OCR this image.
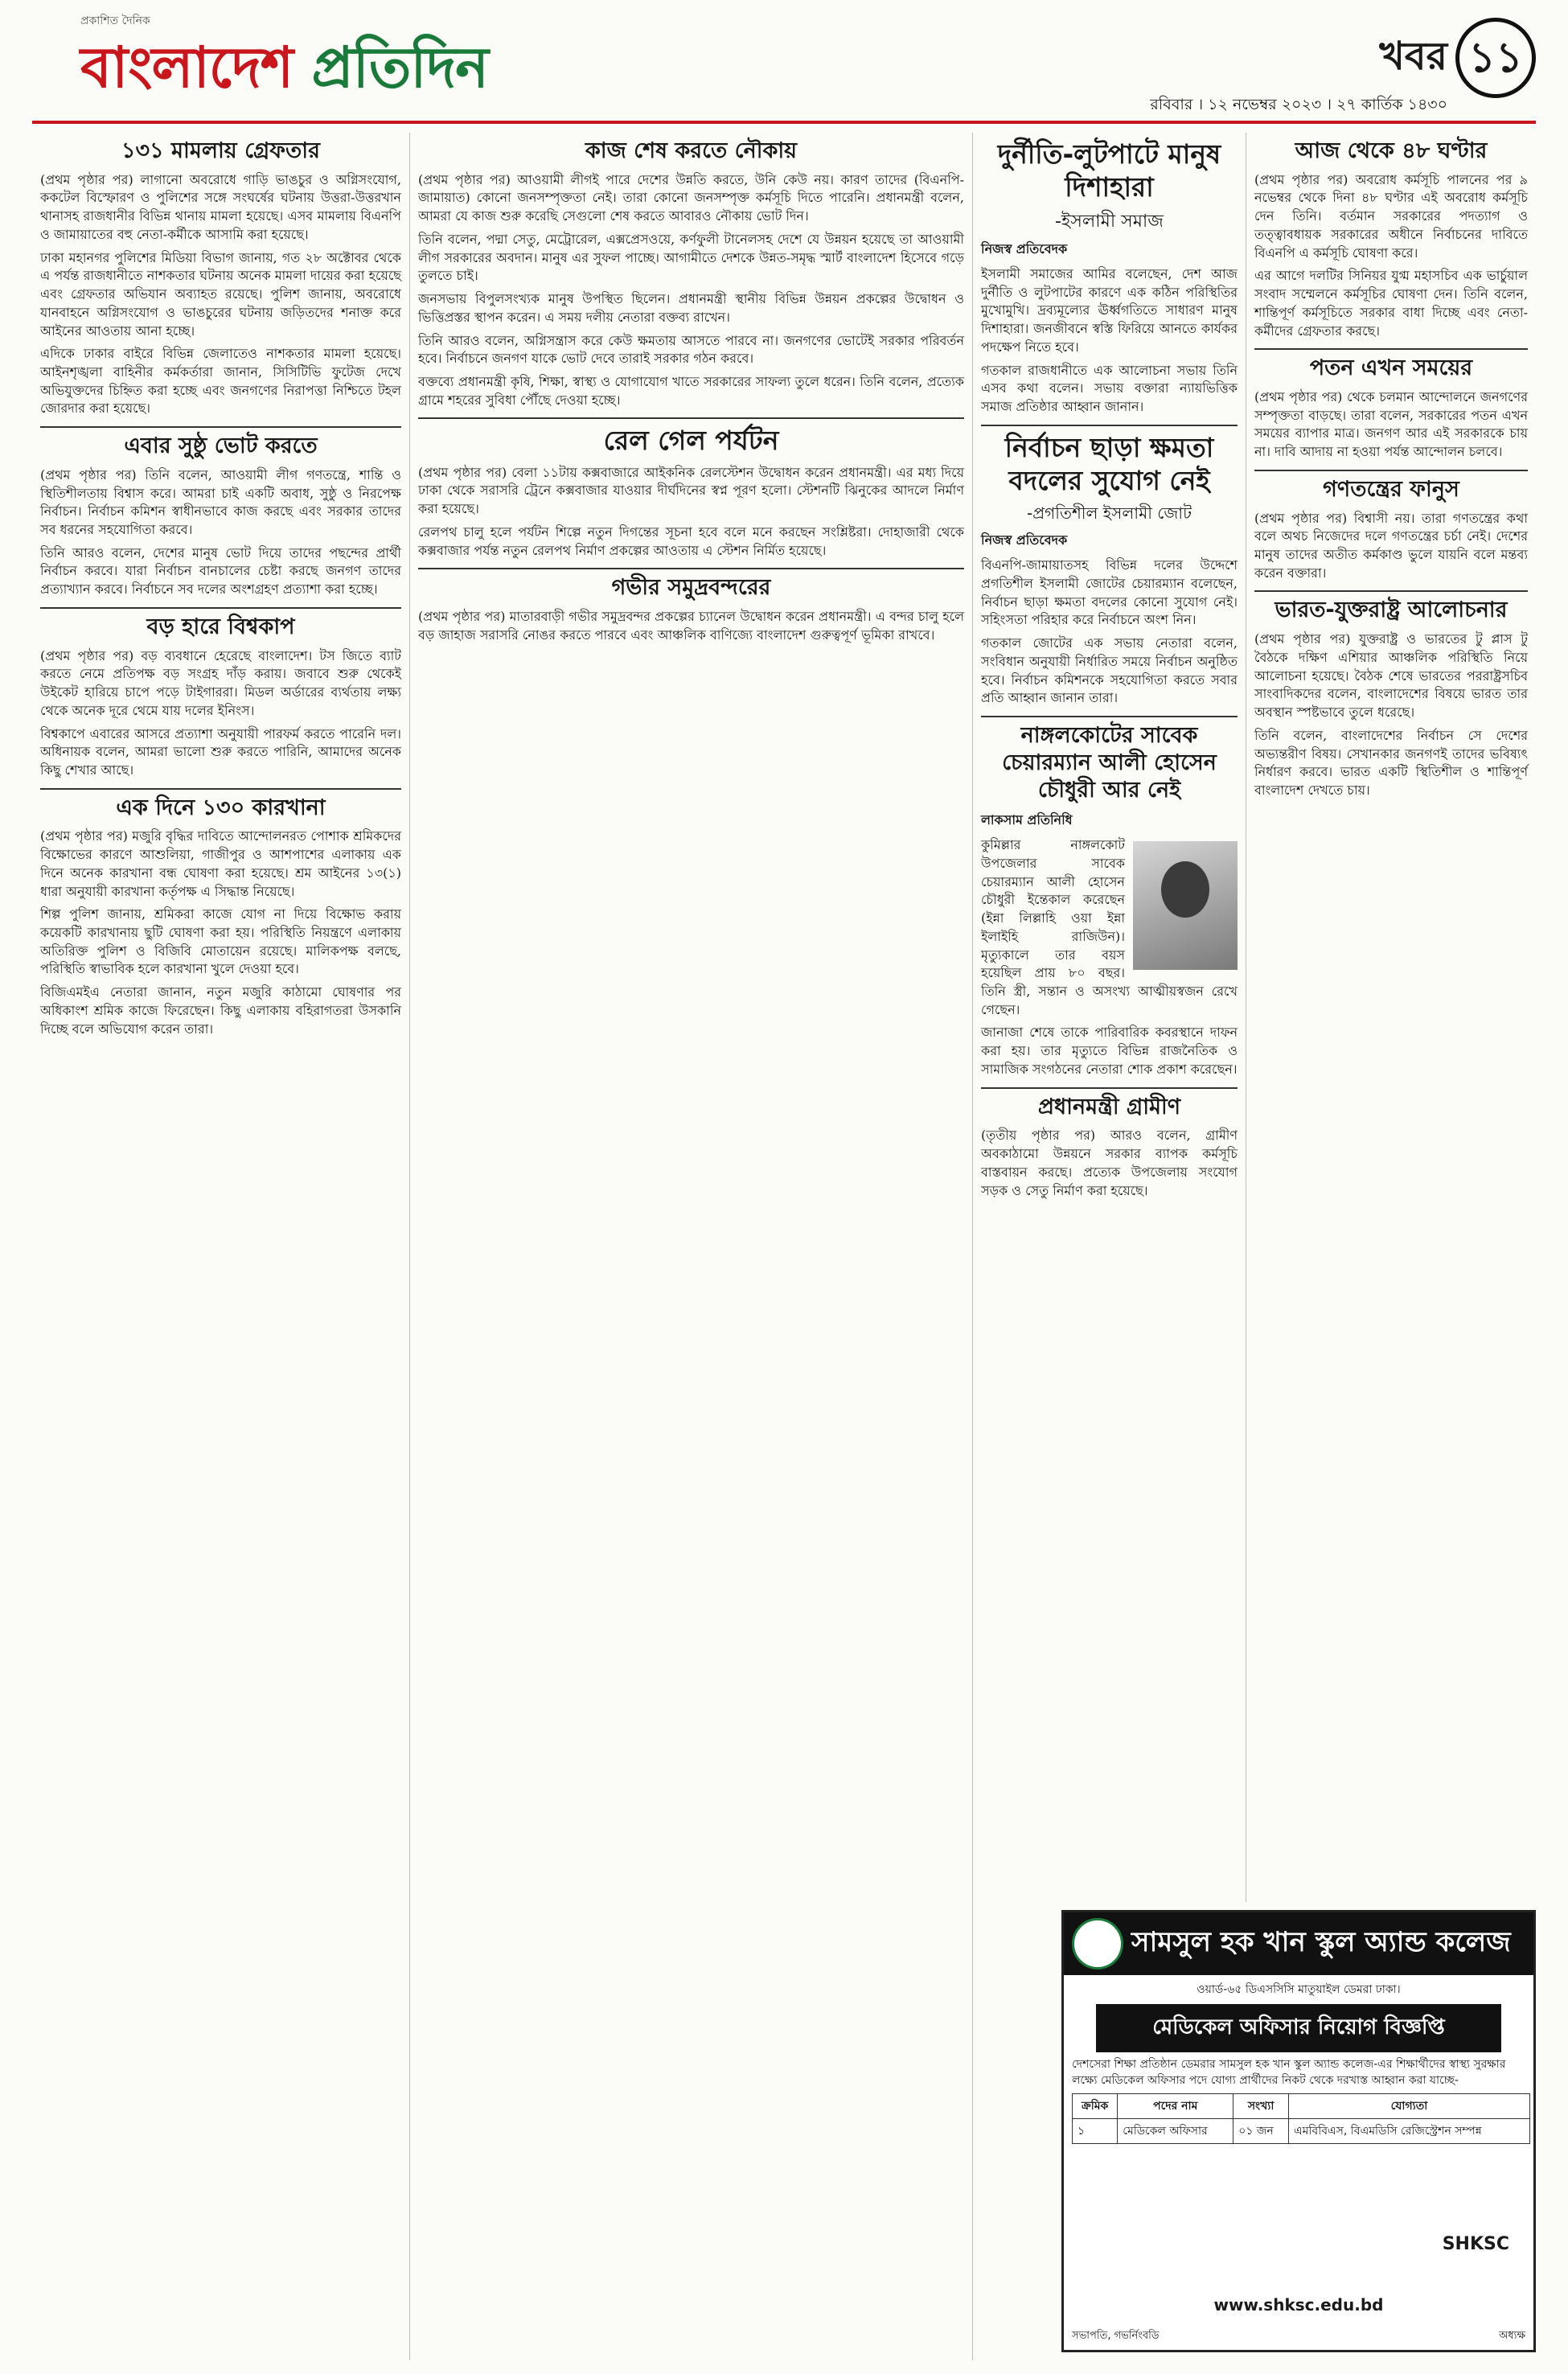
প্রকাশিত দৈনিক
বাংলাদেশ প্রতিদিন	খবর ১১
রবিবার । ১২ নভেম্বর ২০২৩ । ২৭ কার্তিক ১৪৩০
১৩১ মামলায় গ্রেফতার

(প্রথম পৃষ্ঠার পর) লাগানো অবরোধে গাড়ি ভাঙচুর ও অগ্নিসংযোগ, ককটেল বিস্ফোরণ ও পুলিশের সঙ্গে সংঘর্ষের ঘটনায় উত্তরা-উত্তরখান থানাসহ রাজধানীর বিভিন্ন থানায় মামলা হয়েছে। এসব মামলায় বিএনপি ও জামায়াতের বহু নেতা-কর্মীকে আসামি করা হয়েছে।

ঢাকা মহানগর পুলিশের মিডিয়া বিভাগ জানায়, গত ২৮ অক্টোবর থেকে এ পর্যন্ত রাজধানীতে নাশকতার ঘটনায় অনেক মামলা দায়ের করা হয়েছে এবং গ্রেফতার অভিযান অব্যাহত রয়েছে। পুলিশ জানায়, অবরোধে যানবাহনে অগ্নিসংযোগ ও ভাঙচুরের ঘটনায় জড়িতদের শনাক্ত করে আইনের আওতায় আনা হচ্ছে।

এদিকে ঢাকার বাইরে বিভিন্ন জেলাতেও নাশকতার মামলা হয়েছে। আইনশৃঙ্খলা বাহিনীর কর্মকর্তারা জানান, সিসিটিভি ফুটেজ দেখে অভিযুক্তদের চিহ্নিত করা হচ্ছে এবং জনগণের নিরাপত্তা নিশ্চিতে টহল জোরদার করা হয়েছে।

এবার সুষ্ঠু ভোট করতে

(প্রথম পৃষ্ঠার পর) তিনি বলেন, আওয়ামী লীগ গণতন্ত্রে, শান্তি ও স্থিতিশীলতায় বিশ্বাস করে। আমরা চাই একটি অবাধ, সুষ্ঠু ও নিরপেক্ষ নির্বাচন। নির্বাচন কমিশন স্বাধীনভাবে কাজ করছে এবং সরকার তাদের সব ধরনের সহযোগিতা করবে।

তিনি আরও বলেন, দেশের মানুষ ভোট দিয়ে তাদের পছন্দের প্রার্থী নির্বাচন করবে। যারা নির্বাচন বানচালের চেষ্টা করছে জনগণ তাদের প্রত্যাখ্যান করবে। নির্বাচনে সব দলের অংশগ্রহণ প্রত্যাশা করা হচ্ছে।

বড় হারে বিশ্বকাপ

(প্রথম পৃষ্ঠার পর) বড় ব্যবধানে হেরেছে বাংলাদেশ। টস জিতে ব্যাট করতে নেমে প্রতিপক্ষ বড় সংগ্রহ দাঁড় করায়। জবাবে শুরু থেকেই উইকেট হারিয়ে চাপে পড়ে টাইগাররা। মিডল অর্ডারের ব্যর্থতায় লক্ষ্য থেকে অনেক দূরে থেমে যায় দলের ইনিংস।

বিশ্বকাপে এবারের আসরে প্রত্যাশা অনুযায়ী পারফর্ম করতে পারেনি দল। অধিনায়ক বলেন, আমরা ভালো শুরু করতে পারিনি, আমাদের অনেক কিছু শেখার আছে।

এক দিনে ১৩০ কারখানা

(প্রথম পৃষ্ঠার পর) মজুরি বৃদ্ধির দাবিতে আন্দোলনরত পোশাক শ্রমিকদের বিক্ষোভের কারণে আশুলিয়া, গাজীপুর ও আশপাশের এলাকায় এক দিনে অনেক কারখানা বন্ধ ঘোষণা করা হয়েছে। শ্রম আইনের ১৩(১) ধারা অনুযায়ী কারখানা কর্তৃপক্ষ এ সিদ্ধান্ত নিয়েছে।

শিল্প পুলিশ জানায়, শ্রমিকরা কাজে যোগ না দিয়ে বিক্ষোভ করায় কয়েকটি কারখানায় ছুটি ঘোষণা করা হয়। পরিস্থিতি নিয়ন্ত্রণে এলাকায় অতিরিক্ত পুলিশ ও বিজিবি মোতায়েন রয়েছে। মালিকপক্ষ বলছে, পরিস্থিতি স্বাভাবিক হলে কারখানা খুলে দেওয়া হবে।

বিজিএমইএ নেতারা জানান, নতুন মজুরি কাঠামো ঘোষণার পর অধিকাংশ শ্রমিক কাজে ফিরেছেন। কিছু এলাকায় বহিরাগতরা উসকানি দিচ্ছে বলে অভিযোগ করেন তারা।

কাজ শেষ করতে নৌকায়

(প্রথম পৃষ্ঠার পর) আওয়ামী লীগই পারে দেশের উন্নতি করতে, উনি কেউ নয়। কারণ তাদের (বিএনপি-জামায়াত) কোনো জনসম্পৃক্ততা নেই। তারা কোনো জনসম্পৃক্ত কর্মসূচি দিতে পারেনি। প্রধানমন্ত্রী বলেন, আমরা যে কাজ শুরু করেছি সেগুলো শেষ করতে আবারও নৌকায় ভোট দিন।

তিনি বলেন, পদ্মা সেতু, মেট্রোরেল, এক্সপ্রেসওয়ে, কর্ণফুলী টানেলসহ দেশে যে উন্নয়ন হয়েছে তা আওয়ামী লীগ সরকারের অবদান। মানুষ এর সুফল পাচ্ছে। আগামীতে দেশকে উন্নত-সমৃদ্ধ স্মার্ট বাংলাদেশ হিসেবে গড়ে তুলতে চাই।

জনসভায় বিপুলসংখ্যক মানুষ উপস্থিত ছিলেন। প্রধানমন্ত্রী স্থানীয় বিভিন্ন উন্নয়ন প্রকল্পের উদ্বোধন ও ভিত্তিপ্রস্তর স্থাপন করেন। এ সময় দলীয় নেতারা বক্তব্য রাখেন।

তিনি আরও বলেন, অগ্নিসন্ত্রাস করে কেউ ক্ষমতায় আসতে পারবে না। জনগণের ভোটেই সরকার পরিবর্তন হবে। নির্বাচনে জনগণ যাকে ভোট দেবে তারাই সরকার গঠন করবে।

বক্তব্যে প্রধানমন্ত্রী কৃষি, শিক্ষা, স্বাস্থ্য ও যোগাযোগ খাতে সরকারের সাফল্য তুলে ধরেন। তিনি বলেন, প্রত্যেক গ্রামে শহরের সুবিধা পৌঁছে দেওয়া হচ্ছে।

রেল গেল পর্যটন

(প্রথম পৃষ্ঠার পর) বেলা ১১টায় কক্সবাজারে আইকনিক রেলস্টেশন উদ্বোধন করেন প্রধানমন্ত্রী। এর মধ্য দিয়ে ঢাকা থেকে সরাসরি ট্রেনে কক্সবাজার যাওয়ার দীর্ঘদিনের স্বপ্ন পূরণ হলো। স্টেশনটি ঝিনুকের আদলে নির্মাণ করা হয়েছে।

রেলপথ চালু হলে পর্যটন শিল্পে নতুন দিগন্তের সূচনা হবে বলে মনে করছেন সংশ্লিষ্টরা। দোহাজারী থেকে কক্সবাজার পর্যন্ত নতুন রেলপথ নির্মাণ প্রকল্পের আওতায় এ স্টেশন নির্মিত হয়েছে।

গভীর সমুদ্রবন্দরের

(প্রথম পৃষ্ঠার পর) মাতারবাড়ী গভীর সমুদ্রবন্দর প্রকল্পের চ্যানেল উদ্বোধন করেন প্রধানমন্ত্রী। এ বন্দর চালু হলে বড় জাহাজ সরাসরি নোঙর করতে পারবে এবং আঞ্চলিক বাণিজ্যে বাংলাদেশ গুরুত্বপূর্ণ ভূমিকা রাখবে।

দুর্নীতি-লুটপাটে মানুষ দিশাহারা
-ইসলামী সমাজ
নিজস্ব প্রতিবেদক

ইসলামী সমাজের আমির বলেছেন, দেশ আজ দুর্নীতি ও লুটপাটের কারণে এক কঠিন পরিস্থিতির মুখোমুখি। দ্রব্যমূল্যের ঊর্ধ্বগতিতে সাধারণ মানুষ দিশাহারা। জনজীবনে স্বস্তি ফিরিয়ে আনতে কার্যকর পদক্ষেপ নিতে হবে।

গতকাল রাজধানীতে এক আলোচনা সভায় তিনি এসব কথা বলেন। সভায় বক্তারা ন্যায়ভিত্তিক সমাজ প্রতিষ্ঠার আহ্বান জানান।

নির্বাচন ছাড়া ক্ষমতা বদলের সুযোগ নেই
-প্রগতিশীল ইসলামী জোট
নিজস্ব প্রতিবেদক

বিএনপি-জামায়াতসহ বিভিন্ন দলের উদ্দেশে প্রগতিশীল ইসলামী জোটের চেয়ারম্যান বলেছেন, নির্বাচন ছাড়া ক্ষমতা বদলের কোনো সুযোগ নেই। সহিংসতা পরিহার করে নির্বাচনে অংশ নিন।

গতকাল জোটের এক সভায় নেতারা বলেন, সংবিধান অনুযায়ী নির্ধারিত সময়ে নির্বাচন অনুষ্ঠিত হবে। নির্বাচন কমিশনকে সহযোগিতা করতে সবার প্রতি আহ্বান জানান তারা।

নাঙ্গলকোটের সাবেক চেয়ারম্যান আলী হোসেন চৌধুরী আর নেই
লাকসাম প্রতিনিধি

কুমিল্লার নাঙ্গলকোট উপজেলার সাবেক চেয়ারম্যান আলী হোসেন চৌধুরী ইন্তেকাল করেছেন (ইন্না লিল্লাহি ওয়া ইন্না ইলাইহি রাজিউন)। মৃত্যুকালে তার বয়স হয়েছিল প্রায় ৮০ বছর। তিনি স্ত্রী, সন্তান ও অসংখ্য আত্মীয়স্বজন রেখে গেছেন।

জানাজা শেষে তাকে পারিবারিক কবরস্থানে দাফন করা হয়। তার মৃত্যুতে বিভিন্ন রাজনৈতিক ও সামাজিক সংগঠনের নেতারা শোক প্রকাশ করেছেন।

প্রধানমন্ত্রী গ্রামীণ

(তৃতীয় পৃষ্ঠার পর) আরও বলেন, গ্রামীণ অবকাঠামো উন্নয়নে সরকার ব্যাপক কর্মসূচি বাস্তবায়ন করছে। প্রত্যেক উপজেলায় সংযোগ সড়ক ও সেতু নির্মাণ করা হয়েছে।

আজ থেকে ৪৮ ঘণ্টার

(প্রথম পৃষ্ঠার পর) অবরোধ কর্মসূচি পালনের পর ৯ নভেম্বর থেকে দিনা ৪৮ ঘণ্টার এই অবরোধ কর্মসূচি দেন তিনি। বর্তমান সরকারের পদত্যাগ ও তত্ত্বাবধায়ক সরকারের অধীনে নির্বাচনের দাবিতে বিএনপি এ কর্মসূচি ঘোষণা করে।

এর আগে দলটির সিনিয়র যুগ্ম মহাসচিব এক ভার্চুয়াল সংবাদ সম্মেলনে কর্মসূচির ঘোষণা দেন। তিনি বলেন, শান্তিপূর্ণ কর্মসূচিতে সরকার বাধা দিচ্ছে এবং নেতা-কর্মীদের গ্রেফতার করছে।

পতন এখন সময়ের

(প্রথম পৃষ্ঠার পর) থেকে চলমান আন্দোলনে জনগণের সম্পৃক্ততা বাড়ছে। তারা বলেন, সরকারের পতন এখন সময়ের ব্যাপার মাত্র। জনগণ আর এই সরকারকে চায় না। দাবি আদায় না হওয়া পর্যন্ত আন্দোলন চলবে।

গণতন্ত্রের ফানুস

(প্রথম পৃষ্ঠার পর) বিশ্বাসী নয়। তারা গণতন্ত্রের কথা বলে অথচ নিজেদের দলে গণতন্ত্রের চর্চা নেই। দেশের মানুষ তাদের অতীত কর্মকাণ্ড ভুলে যায়নি বলে মন্তব্য করেন বক্তারা।

ভারত-যুক্তরাষ্ট্র আলোচনার

(প্রথম পৃষ্ঠার পর) যুক্তরাষ্ট্র ও ভারতের টু প্লাস টু বৈঠকে দক্ষিণ এশিয়ার আঞ্চলিক পরিস্থিতি নিয়ে আলোচনা হয়েছে। বৈঠক শেষে ভারতের পররাষ্ট্রসচিব সাংবাদিকদের বলেন, বাংলাদেশের বিষয়ে ভারত তার অবস্থান স্পষ্টভাবে তুলে ধরেছে।

তিনি বলেন, বাংলাদেশের নির্বাচন সে দেশের অভ্যন্তরীণ বিষয়। সেখানকার জনগণই তাদের ভবিষ্যৎ নির্ধারণ করবে। ভারত একটি স্থিতিশীল ও শান্তিপূর্ণ বাংলাদেশ দেখতে চায়।

সামসুল হক খান স্কুল অ্যান্ড কলেজ
ওয়ার্ড-৬৫ ডিএসসিসি মাতুয়াইল ডেমরা ঢাকা।
মেডিকেল অফিসার নিয়োগ বিজ্ঞপ্তি
দেশসেরা শিক্ষা প্রতিষ্ঠান ডেমরার সামসুল হক খান স্কুল অ্যান্ড কলেজ-এর শিক্ষার্থীদের স্বাস্থ্য সুরক্ষার লক্ষ্যে মেডিকেল অফিসার পদে যোগ্য প্রার্থীদের নিকট থেকে দরখাস্ত আহ্বান করা যাচ্ছে-
ক্রমিক	পদের নাম	সংখ্যা	যোগ্যতা
১	মেডিকেল অফিসার	০১ জন	এমবিবিএস, বিএমডিসি রেজিস্ট্রেশন সম্পন্ন
SHKSC
www.shksc.edu.bd
সভাপতি, গভর্নিংবডি	অধ্যক্ষ
